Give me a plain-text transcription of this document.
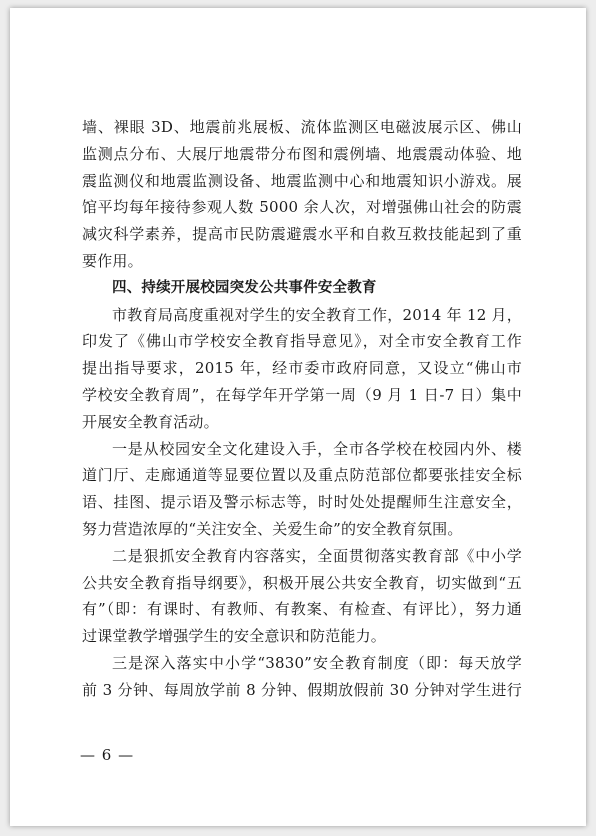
墙、裸眼 3D、地震前兆展板、流体监测区电磁波展示区、佛山
监测点分布、大展厅地震带分布图和震例墙、地震震动体验、地
震监测仪和地震监测设备、地震监测中心和地震知识小游戏。展
馆平均每年接待参观人数 5000 余人次，对增强佛山社会的防震
减灾科学素养，提高市民防震避震水平和自救互救技能起到了重
要作用。
四、持续开展校园突发公共事件安全教育
市教育局高度重视对学生的安全教育工作，2014 年 12 月，
印发了《佛山市学校安全教育指导意见》，对全市安全教育工作
提出指导要求，2015 年，经市委市政府同意，又设立“佛山市
学校安全教育周”，在每学年开学第一周（9 月 1 日-7 日）集中
开展安全教育活动。
一是从校园安全文化建设入手，全市各学校在校园内外、楼
道门厅、走廊通道等显要位置以及重点防范部位都要张挂安全标
语、挂图、提示语及警示标志等，时时处处提醒师生注意安全，
努力营造浓厚的“关注安全、关爱生命”的安全教育氛围。
二是狠抓安全教育内容落实，全面贯彻落实教育部《中小学
公共安全教育指导纲要》，积极开展公共安全教育，切实做到“五
有”（即：有课时、有教师、有教案、有检查、有评比），努力通
过课堂教学增强学生的安全意识和防范能力。
三是深入落实中小学“3830”安全教育制度（即：每天放学
前 3 分钟、每周放学前 8 分钟、假期放假前 30 分钟对学生进行
— 6 —
